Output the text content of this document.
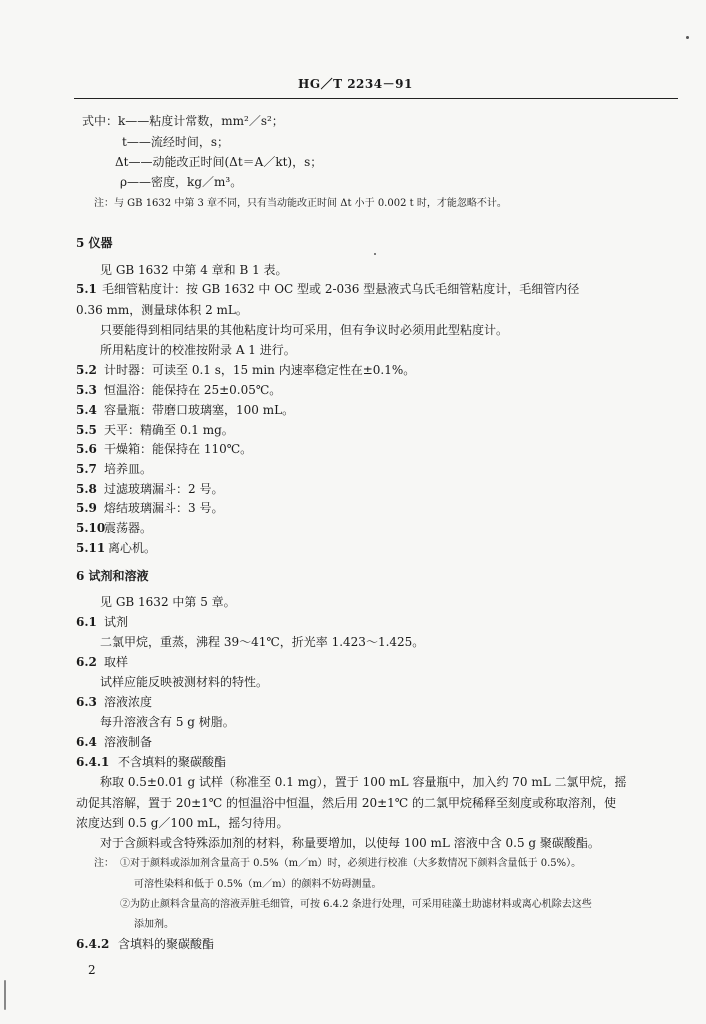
HG／T 2234－91
式中： k——粘度计常数，mm²／s²；
t——流经时间，s；
Δt——动能改正时间(Δt＝A／kt)，s；
ρ——密度，kg／m³。
注：与 GB 1632 中第 3 章不同，只有当动能改正时间 Δt 小于 0.002 t 时，才能忽略不计。
5 仪器
见 GB 1632 中第 4 章和 B 1 表。
5.1 毛细管粘度计：按 GB 1632 中 OC 型或 2-036 型悬液式乌氏毛细管粘度计，毛细管内径
0.36 mm，测量球体积 2 mL。
只要能得到相同结果的其他粘度计均可采用，但有争议时必须用此型粘度计。
所用粘度计的校准按附录 A 1 进行。
5.2 计时器：可读至 0.1 s，15 min 内速率稳定性在±0.1%。
5.3 恒温浴：能保持在 25±0.05℃。
5.4 容量瓶：带磨口玻璃塞，100 mL。
5.5 天平：精确至 0.1 mg。
5.6 干燥箱：能保持在 110℃。
5.7 培养皿。
5.8 过滤玻璃漏斗：2 号。
5.9 熔结玻璃漏斗：3 号。
5.10
震荡器。
5.11 离心机。
6 试剂和溶液
见 GB 1632 中第 5 章。
6.1 试剂
二氯甲烷，重蒸，沸程 39～41℃，折光率 1.423～1.425。
6.2 取样
试样应能反映被测材料的特性。
6.3 溶液浓度
每升溶液含有 5 g 树脂。
6.4 溶液制备
6.4.1 不含填料的聚碳酸酯
称取 0.5±0.01 g 试样（称准至 0.1 mg），置于 100 mL 容量瓶中，加入约 70 mL 二氯甲烷，摇
动促其溶解，置于 20±1℃ 的恒温浴中恒温，然后用 20±1℃ 的二氯甲烷稀释至刻度或称取溶剂，使
浓度达到 0.5 g／100 mL，摇匀待用。
对于含颜料或含特殊添加剂的材料，称量要增加，以使每 100 mL 溶液中含 0.5 g 聚碳酸酯。
注： ①对于颜料或添加剂含量高于 0.5%（m／m）时，必须进行校准（大多数情况下颜料含量低于 0.5%）。
可溶性染料和低于 0.5%（m／m）的颜料不妨碍测量。
②为防止颜料含量高的溶液弄脏毛细管，可按 6.4.2 条进行处理，可采用硅藻土助滤材料或离心机除去这些
添加剂。
6.4.2 含填料的聚碳酸酯
2
